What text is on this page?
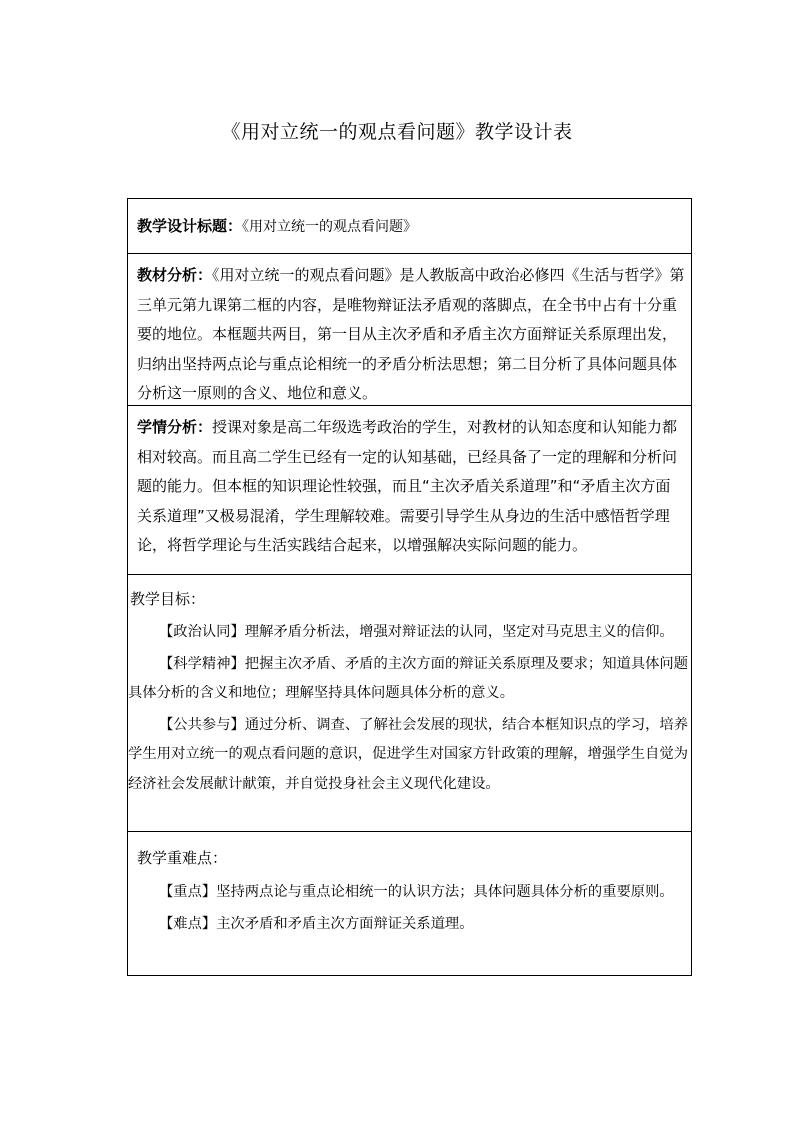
《用对立统一的观点看问题》教学设计表
教学设计标题：《用对立统一的观点看问题》
教材分析：《用对立统一的观点看问题》是人教版高中政治必修四《生活与哲学》第三单元第九课第二框的内容，是唯物辩证法矛盾观的落脚点，在全书中占有十分重要的地位。本框题共两目，第一目从主次矛盾和矛盾主次方面辩证关系原理出发，归纳出坚持两点论与重点论相统一的矛盾分析法思想；第二目分析了具体问题具体分析这一原则的含义、地位和意义。
学情分析：授课对象是高二年级选考政治的学生，对教材的认知态度和认知能力都相对较高。而且高二学生已经有一定的认知基础，已经具备了一定的理解和分析问题的能力。但本框的知识理论性较强，而且“主次矛盾关系道理”和“矛盾主次方面关系道理”又极易混淆，学生理解较难。需要引导学生从身边的生活中感悟哲学理论，将哲学理论与生活实践结合起来，以增强解决实际问题的能力。
教学目标：

【政治认同】理解矛盾分析法，增强对辩证法的认同，坚定对马克思主义的信仰。

【科学精神】把握主次矛盾、矛盾的主次方面的辩证关系原理及要求；知道具体问题具体分析的含义和地位；理解坚持具体问题具体分析的意义。

【公共参与】通过分析、调查、了解社会发展的现状，结合本框知识点的学习，培养学生用对立统一的观点看问题的意识，促进学生对国家方针政策的理解，增强学生自觉为经济社会发展献计献策，并自觉投身社会主义现代化建设。

教学重难点：

【重点】坚持两点论与重点论相统一的认识方法；具体问题具体分析的重要原则。

【难点】主次矛盾和矛盾主次方面辩证关系道理。
